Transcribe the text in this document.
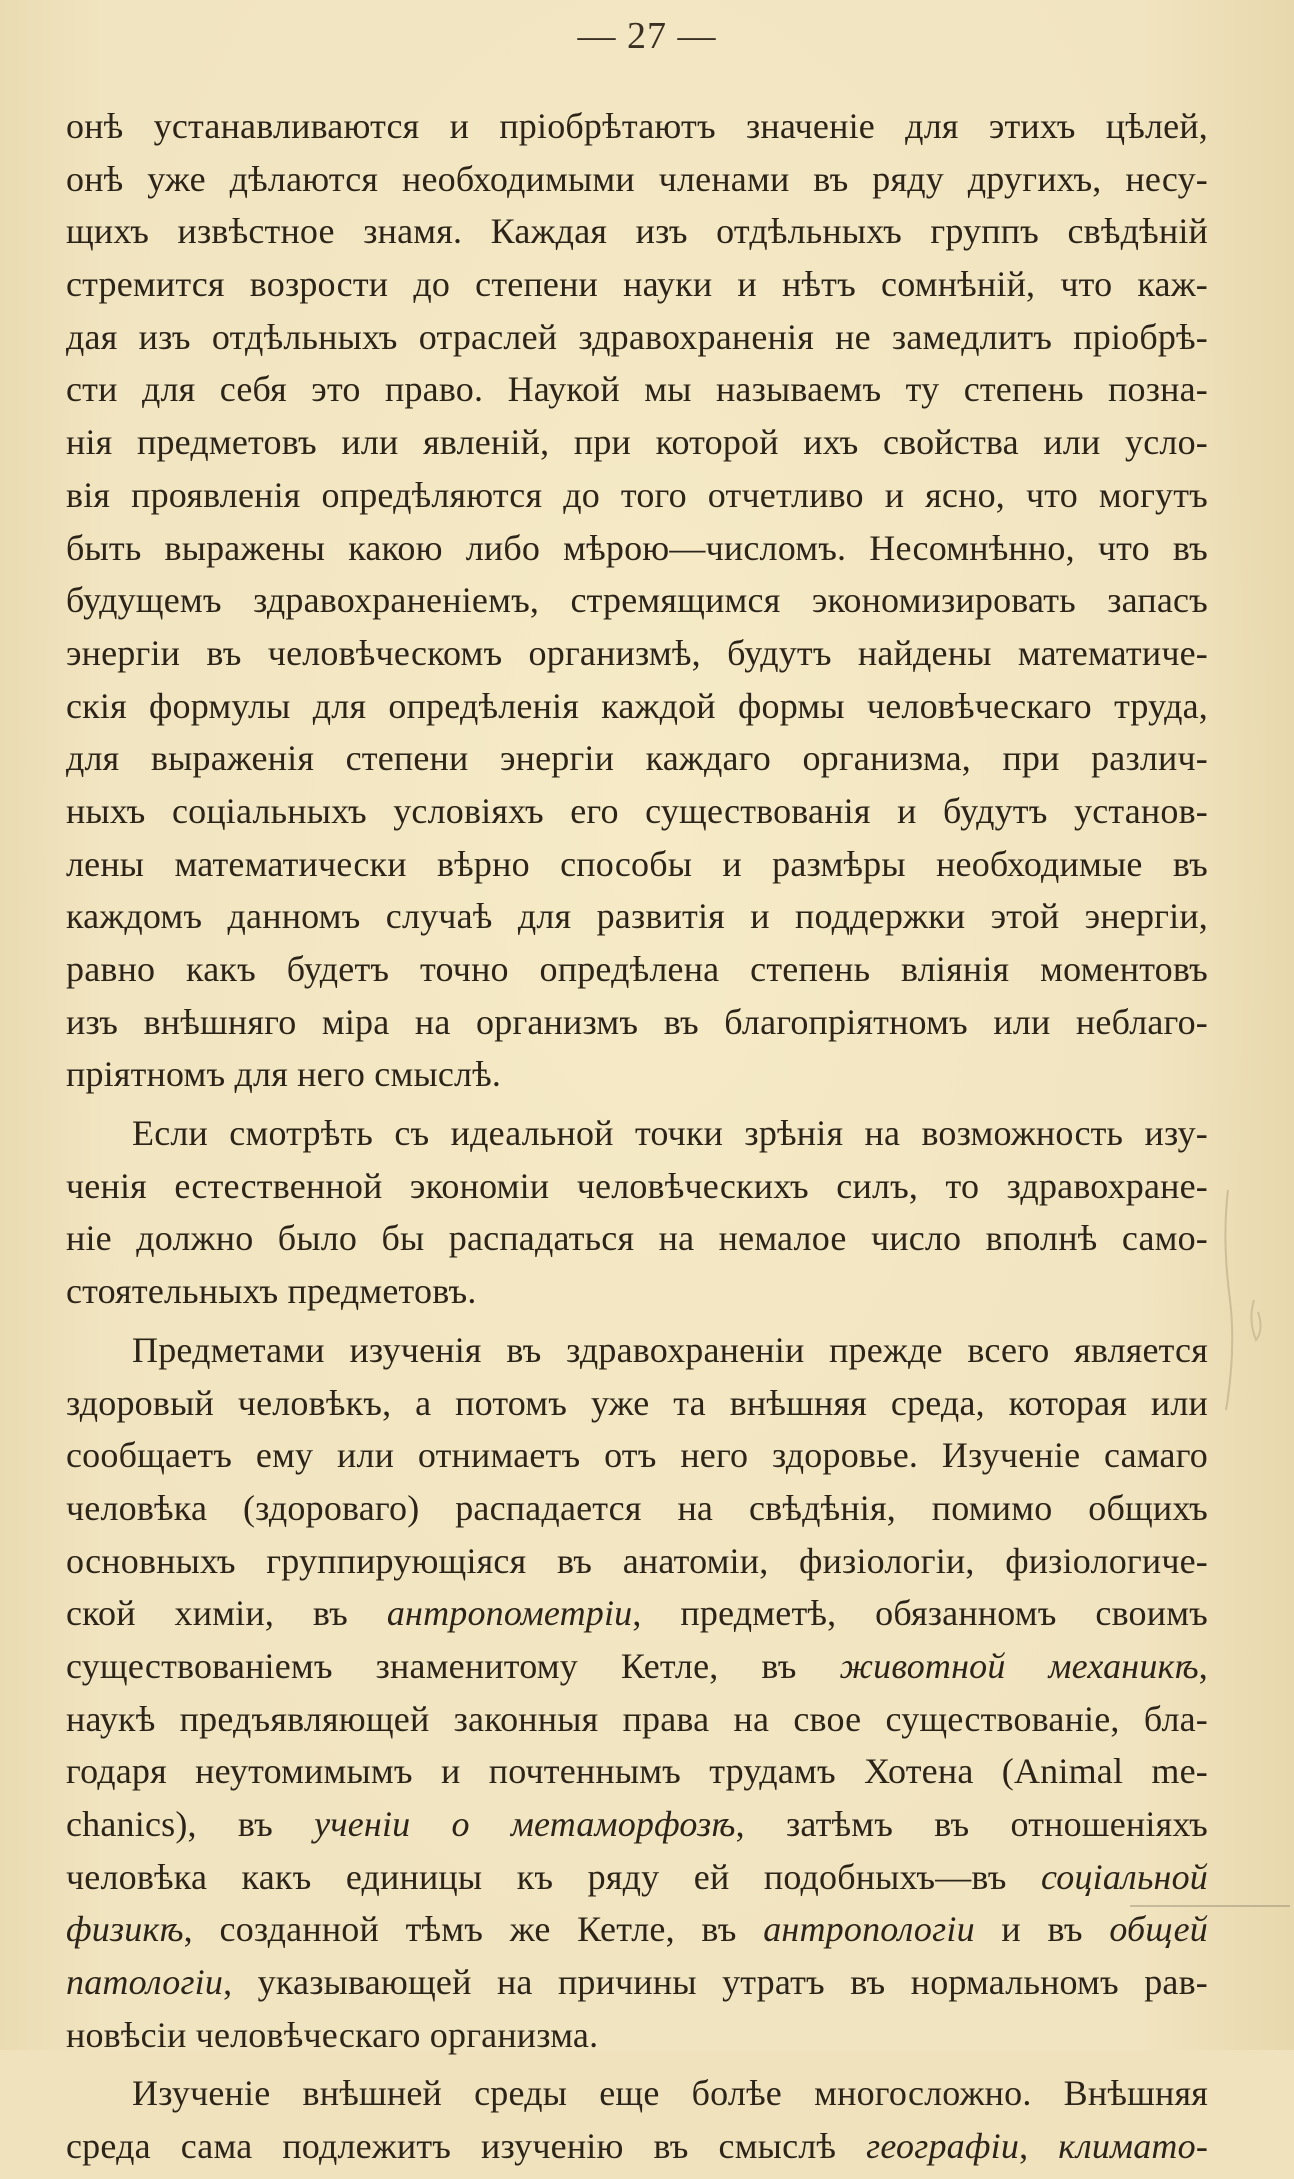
— 27 —
онѣ устанавливаются и пріобрѣтаютъ значеніе для этихъ цѣлей,
онѣ уже дѣлаются необходимыми членами въ ряду другихъ, несу-
щихъ извѣстное знамя. Каждая изъ отдѣльныхъ группъ свѣдѣній
стремится возрости до степени науки и нѣтъ сомнѣній, что каж-
дая изъ отдѣльныхъ отраслей здравохраненія не замедлитъ пріобрѣ-
сти для себя это право. Наукой мы называемъ ту степень позна-
нія предметовъ или явленій, при которой ихъ свойства или усло-
вія проявленія опредѣляются до того отчетливо и ясно, что могутъ
быть выражены какою либо мѣрою—числомъ. Несомнѣнно, что въ
будущемъ здравохраненіемъ, стремящимся экономизировать запасъ
энергіи въ человѣческомъ организмѣ, будутъ найдены математиче-
скія формулы для опредѣленія каждой формы человѣческаго труда,
для выраженія степени энергіи каждаго организма, при различ-
ныхъ соціальныхъ условіяхъ его существованія и будутъ установ-
лены математически вѣрно способы и размѣры необходимые въ
каждомъ данномъ случаѣ для развитія и поддержки этой энергіи,
равно какъ будетъ точно опредѣлена степень вліянія моментовъ
изъ внѣшняго міра на организмъ въ благопріятномъ или неблаго-
пріятномъ для него смыслѣ.
Если смотрѣть съ идеальной точки зрѣнія на возможность изу-
ченія естественной экономіи человѣческихъ силъ, то здравохране-
ніе должно было бы распадаться на немалое число вполнѣ само-
стоятельныхъ предметовъ.
Предметами изученія въ здравохраненіи прежде всего является
здоровый человѣкъ, а потомъ уже та внѣшняя среда, которая или
сообщаетъ ему или отнимаетъ отъ него здоровье. Изученіе самаго
человѣка (здороваго) распадается на свѣдѣнія, помимо общихъ
основныхъ группирующіяся въ анатоміи, физіологіи, физіологиче-
ской химіи, въ антропометріи, предметѣ, обязанномъ своимъ
существованіемъ знаменитому Кетле, въ животной механикѣ,
наукѣ предъявляющей законныя права на свое существованіе, бла-
годаря неутомимымъ и почтеннымъ трудамъ Хотена (Animal me-
chanics), въ ученіи о метаморфозѣ, затѣмъ въ отношеніяхъ
человѣка какъ единицы къ ряду ей подобныхъ—въ соціальной
физикѣ, созданной тѣмъ же Кетле, въ антропологіи и въ общей
патологіи, указывающей на причины утратъ въ нормальномъ рав-
новѣсіи человѣческаго организма.
Изученіе внѣшней среды еще болѣе многосложно. Внѣшняя
среда сама подлежитъ изученію въ смыслѣ географіи, климато-
